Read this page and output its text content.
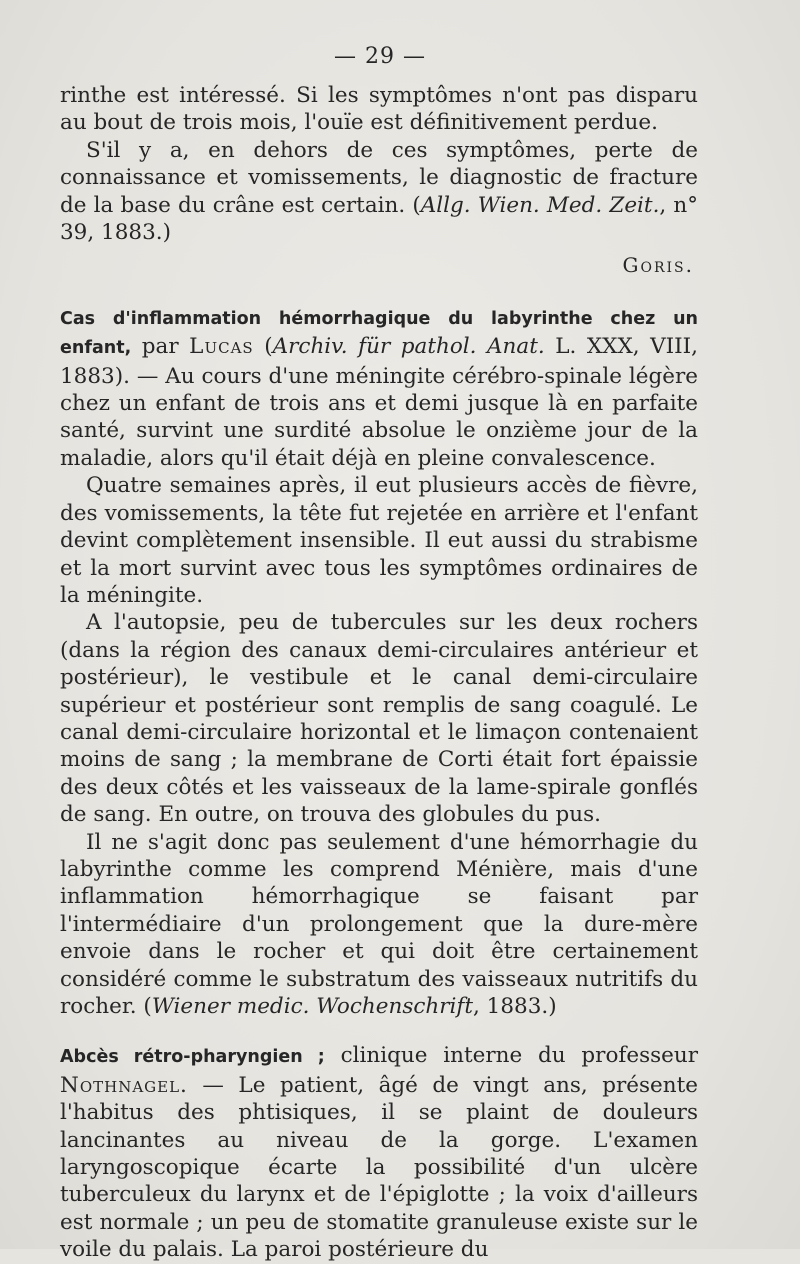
— 29 —

rinthe est intéressé. Si les symptômes n'ont pas disparu au bout de trois mois, l'ouïe est définitivement perdue.

S'il y a, en dehors de ces symptômes, perte de connaissance et vomissements, le diagnostic de fracture de la base du crâne est certain. (Allg. Wien. Med. Zeit., n° 39, 1883.)

Goris.

Cas d'inflammation hémorrhagique du labyrinthe chez un enfant, par Lucas (Archiv. für pathol. Anat. L. XXX, VIII, 1883). — Au cours d'une méningite cérébro-spinale légère chez un enfant de trois ans et demi jusque là en parfaite santé, survint une surdité absolue le onzième jour de la maladie, alors qu'il était déjà en pleine convalescence.

Quatre semaines après, il eut plusieurs accès de fièvre, des vomissements, la tête fut rejetée en arrière et l'enfant devint complètement insensible. Il eut aussi du strabisme et la mort survint avec tous les symptômes ordinaires de la méningite.

A l'autopsie, peu de tubercules sur les deux rochers (dans la région des canaux demi-circulaires antérieur et postérieur), le vestibule et le canal demi-circulaire supérieur et postérieur sont remplis de sang coagulé. Le canal demi-circulaire horizontal et le limaçon contenaient moins de sang ; la membrane de Corti était fort épaissie des deux côtés et les vaisseaux de la lame-spirale gonflés de sang. En outre, on trouva des globules du pus.

Il ne s'agit donc pas seulement d'une hémorrhagie du labyrinthe comme les comprend Ménière, mais d'une inflammation hémorrhagique se faisant par l'intermédiaire d'un prolongement que la dure-mère envoie dans le rocher et qui doit être certainement considéré comme le substratum des vaisseaux nutritifs du rocher. (Wiener medic. Wochenschrift, 1883.)

Abcès rétro-pharyngien ; clinique interne du professeur Nothnagel. — Le patient, âgé de vingt ans, présente l'habitus des phtisiques, il se plaint de douleurs lancinantes au niveau de la gorge. L'examen laryngoscopique écarte la possibilité d'un ulcère tuberculeux du larynx et de l'épiglotte ; la voix d'ailleurs est normale ; un peu de stomatite granuleuse existe sur le voile du palais. La paroi postérieure du
